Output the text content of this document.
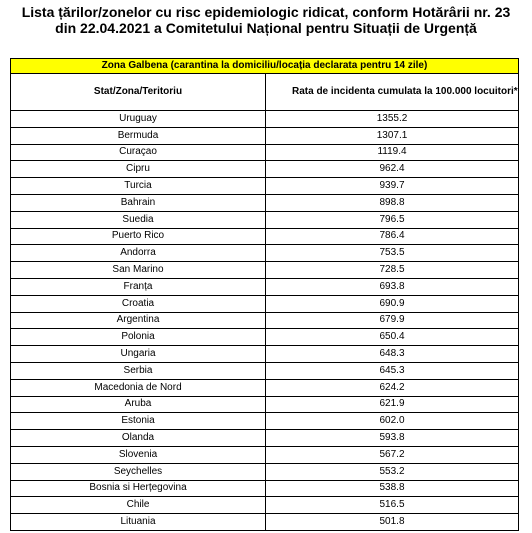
Lista țărilor/zonelor cu risc epidemiologic ridicat, conform Hotărârii nr. 23
din 22.04.2021 a Comitetului Național pentru Situații de Urgență
Zona Galbena (carantina la domiciliu/locația declarata pentru 14 zile)	
Stat/Zona/Teritoriu	Rata de incidenta cumulata la 100.000 locuitori*
Uruguay	1355.2
Bermuda	1307.1
Curaçao	1119.4
Cipru	962.4
Turcia	939.7
Bahrain	898.8
Suedia	796.5
Puerto Rico	786.4
Andorra	753.5
San Marino	728.5
Franța	693.8
Croatia	690.9
Argentina	679.9
Polonia	650.4
Ungaria	648.3
Serbia	645.3
Macedonia de Nord	624.2
Aruba	621.9
Estonia	602.0
Olanda	593.8
Slovenia	567.2
Seychelles	553.2
Bosnia si Herțegovina	538.8
Chile	516.5
Lituania	501.8
